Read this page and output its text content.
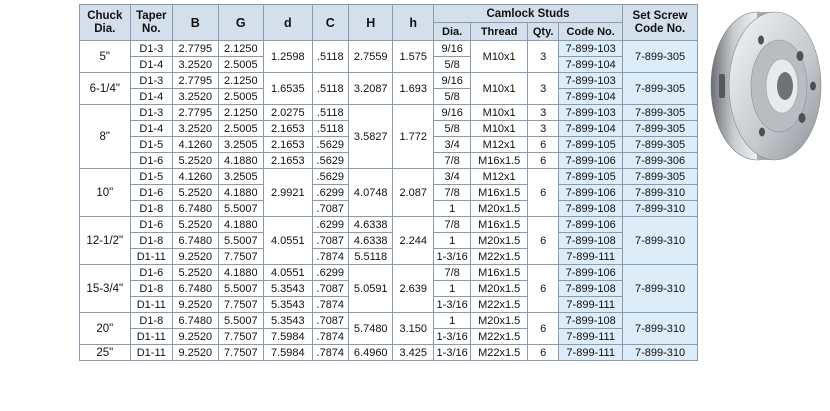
Chuck Dia.	Taper No.	B	G	d	C	H	h	Camlock Studs				Set Screw Code No.
								Dia.	Thread	Qty.	Code No.	
5"	D1-3	2.7795	2.1250	1.2598	.5118	2.7559	1.575	9/16	M10x1	3	7-899-103	7-899-305
	D1-4	3.2520	2.5005					5/8			7-899-104	
6-1/4"	D1-3	2.7795	2.1250	1.6535	.5118	3.2087	1.693	9/16	M10x1	3	7-899-103	7-899-305
	D1-4	3.2520	2.5005					5/8			7-899-104	
8"	D1-3	2.7795	2.1250	2.0275	.5118	3.5827	1.772	9/16	M10x1	3	7-899-103	7-899-305
	D1-4	3.2520	2.5005	2.1653	.5118			5/8	M10x1	3	7-899-104	7-899-305
	D1-5	4.1260	3.2505	2.1653	.5629			3/4	M12x1	6	7-899-105	7-899-305
	D1-6	5.2520	4.1880	2.1653	.5629			7/8	M16x1.5	6	7-899-106	7-899-306
10"	D1-5	4.1260	3.2505	2.9921	.5629	4.0748	2.087	3/4	M12x1	6	7-899-105	7-899-305
	D1-6	5.2520	4.1880		.6299			7/8	M16x1.5		7-899-106	7-899-310
	D1-8	6.7480	5.5007		.7087			1	M20x1.5		7-899-108	7-899-310
12-1/2"	D1-6	5.2520	4.1880	4.0551	.6299	4.6338	2.244	7/8	M16x1.5	6	7-899-106	7-899-310
	D1-8	6.7480	5.5007		.7087	4.6338		1	M20x1.5		7-899-108	
	D1-11	9.2520	7.7507		.7874	5.5118		1-3/16	M22x1.5		7-899-111	
15-3/4"	D1-6	5.2520	4.1880	4.0551	.6299	5.0591	2.639	7/8	M16x1.5	6	7-899-106	7-899-310
	D1-8	6.7480	5.5007	5.3543	.7087			1	M20x1.5		7-899-108	
	D1-11	9.2520	7.7507	5.3543	.7874			1-3/16	M22x1.5		7-899-111	
20"	D1-8	6.7480	5.5007	5.3543	.7087	5.7480	3.150	1	M20x1.5	6	7-899-108	7-899-310
	D1-11	9.2520	7.7507	7.5984	.7874			1-3/16	M22x1.5		7-899-111	
25"	D1-11	9.2520	7.7507	7.5984	.7874	6.4960	3.425	1-3/16	M22x1.5	6	7-899-111	7-899-310
